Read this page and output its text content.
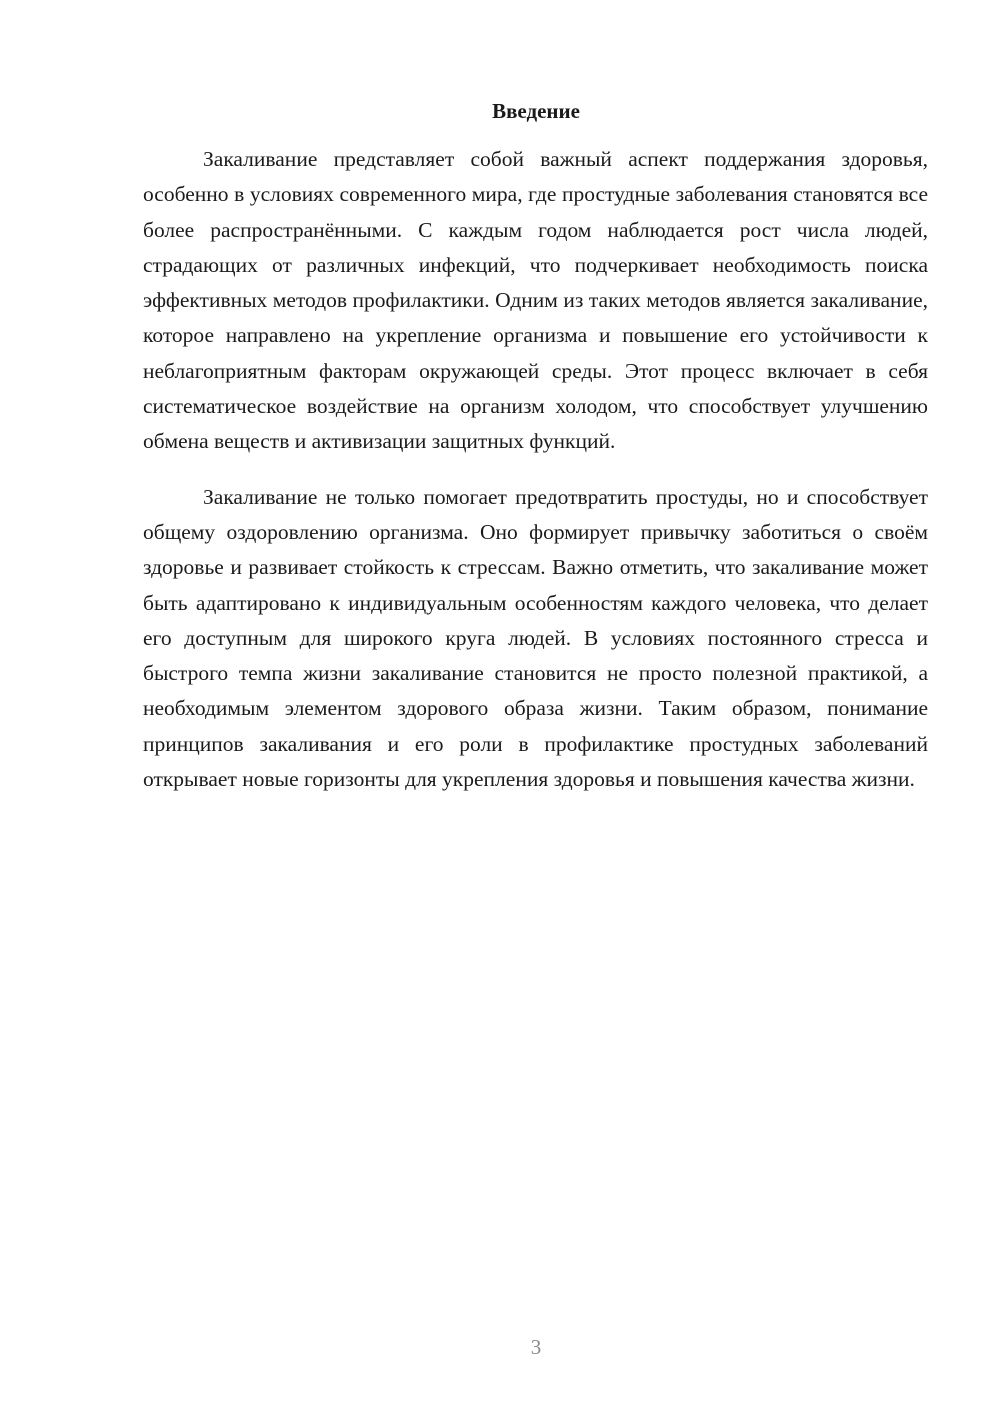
Введение

Закаливание представляет собой важный аспект поддержания здоровья, особенно в условиях современного мира, где простудные заболевания становятся все более распространёнными. С каждым годом наблюдается рост числа людей, страдающих от различных инфекций, что подчеркивает необходимость поиска эффективных методов профилактики. Одним из таких методов является закаливание, которое направлено на укрепление организма и повышение его устойчивости к неблагоприятным факторам окружающей среды. Этот процесс включает в себя систематическое воздействие на организм холодом, что способствует улучшению обмена веществ и активизации защитных функций.

Закаливание не только помогает предотвратить простуды, но и способствует общему оздоровлению организма. Оно формирует привычку заботиться о своём здоровье и развивает стойкость к стрессам. Важно отметить, что закаливание может быть адаптировано к индивидуальным особенностям каждого человека, что делает его доступным для широкого круга людей. В условиях постоянного стресса и быстрого темпа жизни закаливание становится не просто полезной практикой, а необходимым элементом здорового образа жизни. Таким образом, понимание принципов закаливания и его роли в профилактике простудных заболеваний открывает новые горизонты для укрепления здоровья и повышения качества жизни.

3
